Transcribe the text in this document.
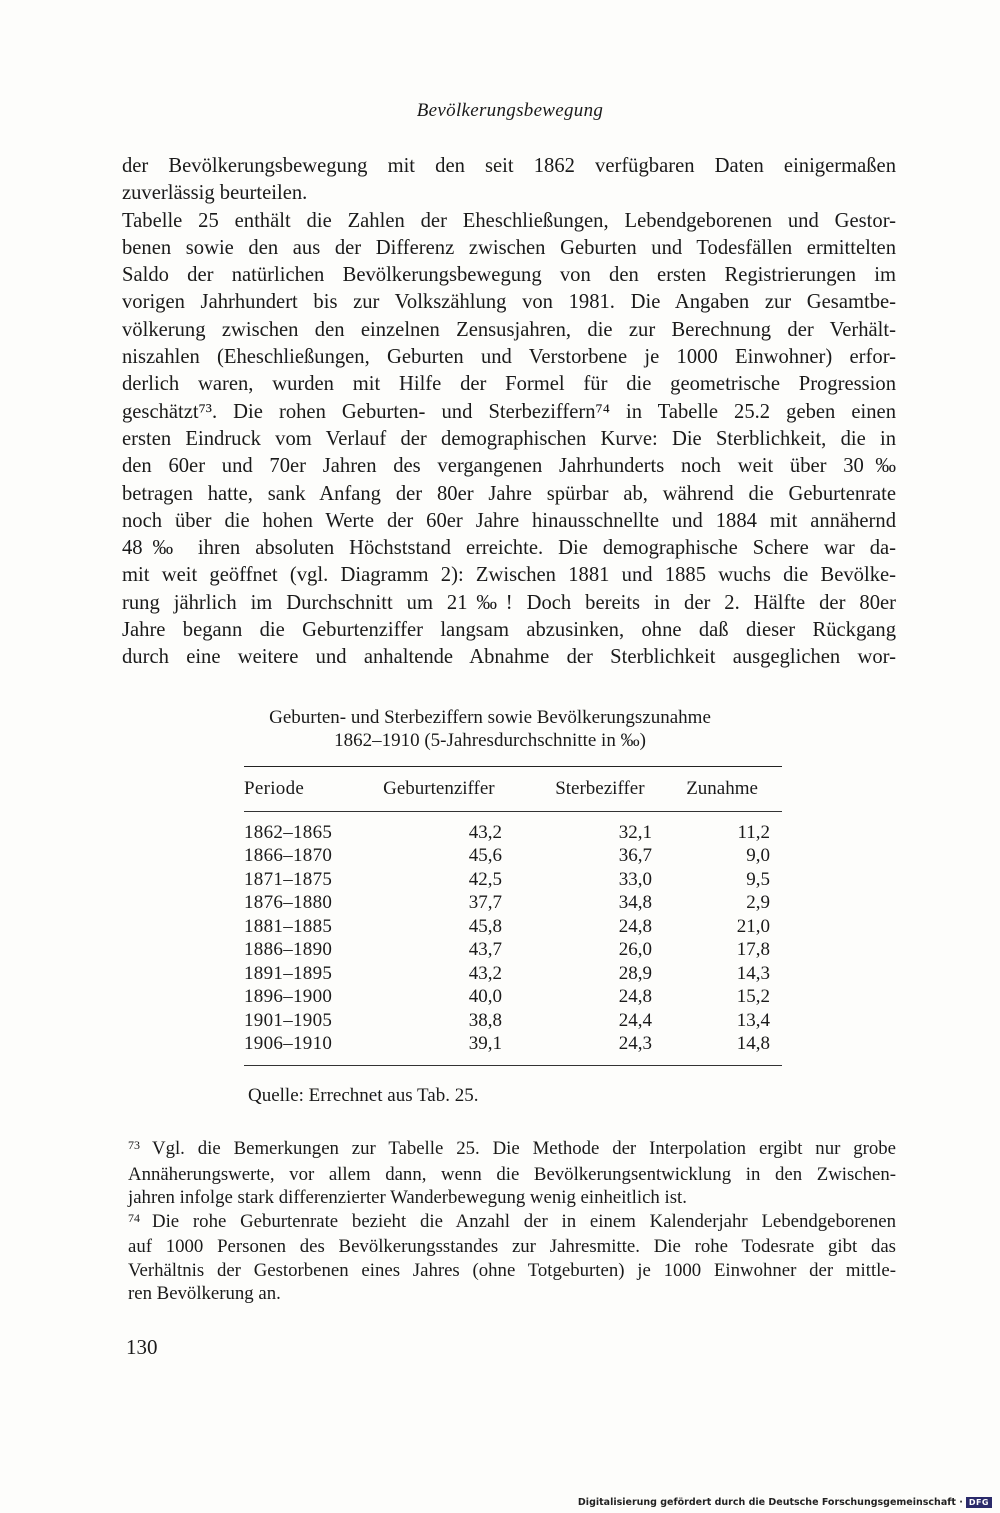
Bevölkerungsbewegung
der Bevölkerungsbewegung mit den seit 1862 verfügbaren Daten einigermaßen
zuverlässig beurteilen.
Tabelle 25 enthält die Zahlen der Eheschließungen, Lebendgeborenen und Gestor-
benen sowie den aus der Differenz zwischen Geburten und Todesfällen ermittelten
Saldo der natürlichen Bevölkerungsbewegung von den ersten Registrierungen im
vorigen Jahrhundert bis zur Volkszählung von 1981. Die Angaben zur Gesamtbe-
völkerung zwischen den einzelnen Zensusjahren, die zur Berechnung der Verhält-
niszahlen (Eheschließungen, Geburten und Verstorbene je 1000 Einwohner) erfor-
derlich waren, wurden mit Hilfe der Formel für die geometrische Progression
geschätzt⁷³. Die rohen Geburten- und Sterbeziffern⁷⁴ in Tabelle 25.2 geben einen
ersten Eindruck vom Verlauf der demographischen Kurve: Die Sterblichkeit, die in
den 60er und 70er Jahren des vergangenen Jahrhunderts noch weit über 30‰
betragen hatte, sank Anfang der 80er Jahre spürbar ab, während die Geburtenrate
noch über die hohen Werte der 60er Jahre hinausschnellte und 1884 mit annähernd
48‰ ihren absoluten Höchststand erreichte. Die demographische Schere war da-
mit weit geöffnet (vgl. Diagramm 2): Zwischen 1881 und 1885 wuchs die Bevölke-
rung jährlich im Durchschnitt um 21‰! Doch bereits in der 2. Hälfte der 80er
Jahre begann die Geburtenziffer langsam abzusinken, ohne daß dieser Rückgang
durch eine weitere und anhaltende Abnahme der Sterblichkeit ausgeglichen wor-
Geburten- und Sterbeziffern sowie Bevölkerungszunahme
1862–1910 (5-Jahresdurchschnitte in ‰)
Periode	Geburtenziffer	Sterbeziffer	Zunahme
1862–1865	43,2	32,1	11,2
1866–1870	45,6	36,7	9,0
1871–1875	42,5	33,0	9,5
1876–1880	37,7	34,8	2,9
1881–1885	45,8	24,8	21,0
1886–1890	43,7	26,0	17,8
1891–1895	43,2	28,9	14,3
1896–1900	40,0	24,8	15,2
1901–1905	38,8	24,4	13,4
1906–1910	39,1	24,3	14,8
Quelle: Errechnet aus Tab. 25.
$^{73}$ Vgl. die Bemerkungen zur Tabelle 25. Die Methode der Interpolation ergibt nur grobe
Annäherungswerte, vor allem dann, wenn die Bevölkerungsentwicklung in den Zwischen-
jahren infolge stark differenzierter Wanderbewegung wenig einheitlich ist.
$^{74}$ Die rohe Geburtenrate bezieht die Anzahl der in einem Kalenderjahr Lebendgeborenen
auf 1000 Personen des Bevölkerungsstandes zur Jahresmitte. Die rohe Todesrate gibt das
Verhältnis der Gestorbenen eines Jahres (ohne Totgeburten) je 1000 Einwohner der mittle-
ren Bevölkerung an.
130
Digitalisierung gefördert durch die Deutsche Forschungsgemeinschaft · DFG
